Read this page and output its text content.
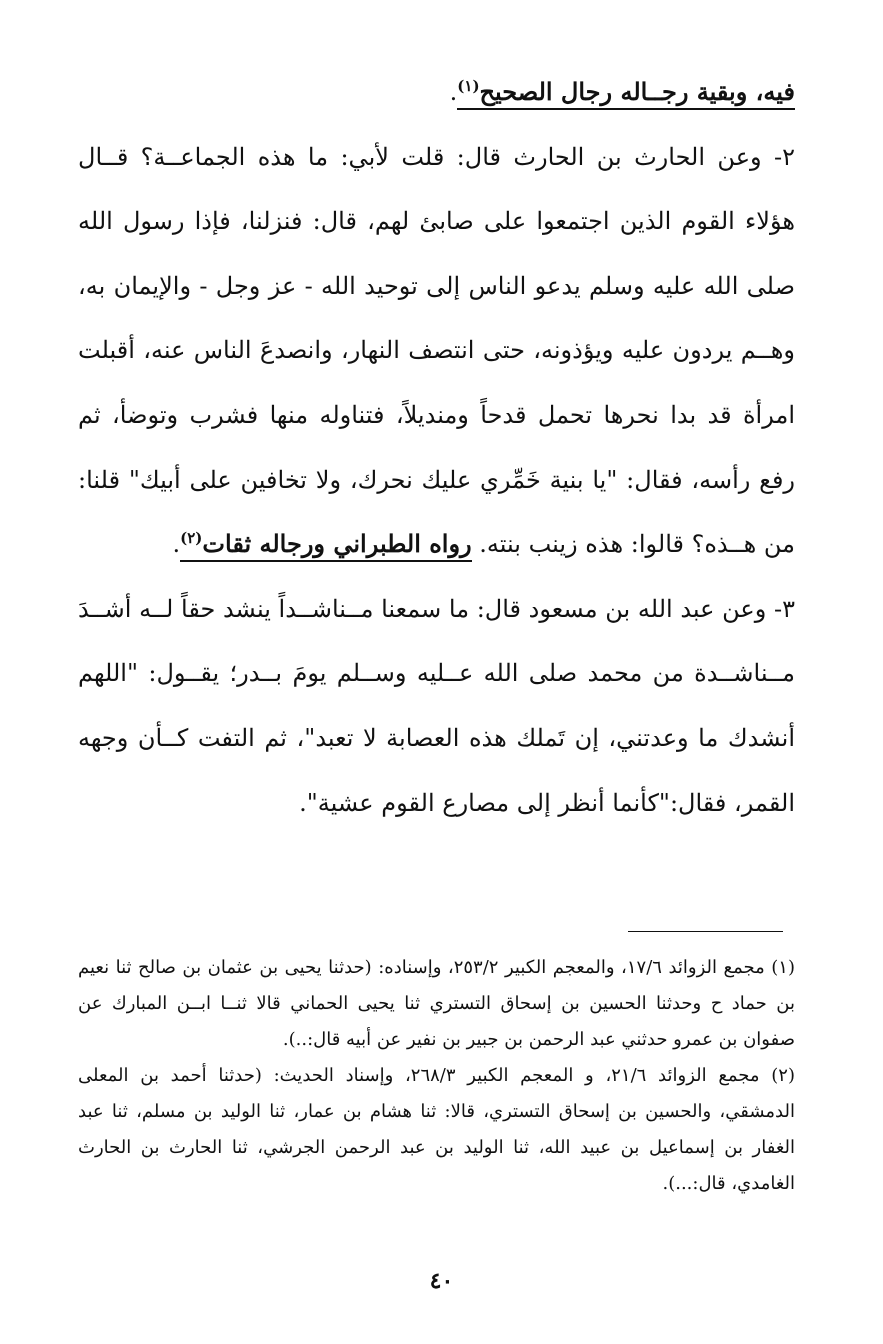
فيه، وبقية رجــاله رجال الصحيح$^{(١)}$.

٢- وعن الحارث بن الحارث قال: قلت لأبي: ما هذه الجماعــة؟ قــال هؤلاء القوم الذين اجتمعوا على صابئ لهم، قال: فنزلنا، فإذا رسول الله صلى الله عليه وسلم يدعو الناس إلى توحيد الله - عز وجل - والإيمان به، وهــم يردون عليه ويؤذونه، حتى انتصف النهار، وانصدعَ الناس عنه، أقبلت امرأة قد بدا نحرها تحمل قدحاً ومنديلاً، فتناوله منها فشرب وتوضأ، ثم رفع رأسه، فقال: "يا بنية خَمِّري عليك نحرك، ولا تخافين على أبيك" قلنا: من هــذه؟ قالوا: هذه زينب بنته. رواه الطبراني ورجاله ثقات$^{(٢)}$.

٣- وعن عبد الله بن مسعود قال: ما سمعنا مــناشــداً ينشد حقاً لــه أشــدَ مــناشــدة من محمد صلى الله عــليه وســلم يومَ بــدر؛ يقــول: "اللهم أنشدك ما وعدتني، إن تَملك هذه العصابة لا تعبد"، ثم التفت كــأن وجهه القمر، فقال:"كأنما أنظر إلى مصارع القوم عشية".

(١) مجمع الزوائد ١٧/٦، والمعجم الكبير ٢٥٣/٢، وإسناده: (حدثنا يحيى بن عثمان بن صالح ثنا نعيم بن حماد ح وحدثنا الحسين بن إسحاق التستري ثنا يحيى الحماني قالا ثنــا ابــن المبارك عن صفوان بن عمرو حدثني عبد الرحمن بن جبير بن نفير عن أبيه قال:..).

(٢) مجمع الزوائد ٢١/٦، و المعجم الكبير ٢٦٨/٣، وإسناد الحديث: (حدثنا أحمد بن المعلى الدمشقي، والحسين بن إسحاق التستري، قالا: ثنا هشام بن عمار، ثنا الوليد بن مسلم، ثنا عبد الغفار بن إسماعيل بن عبيد الله، ثنا الوليد بن عبد الرحمن الجرشي، ثنا الحارث بن الحارث الغامدي، قال:...).

٤٠
